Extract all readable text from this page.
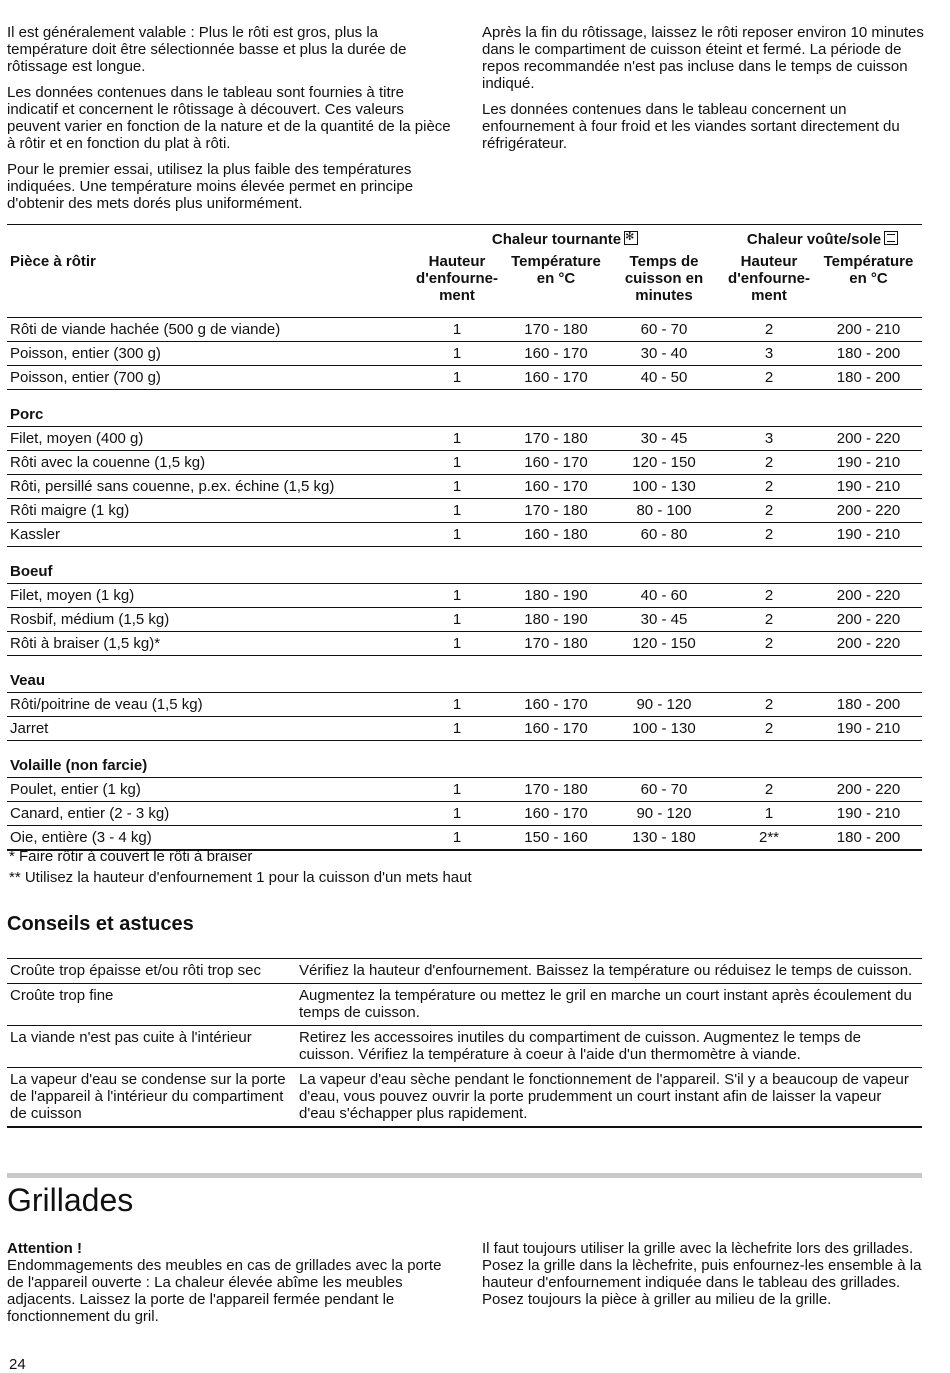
Il est généralement valable : Plus le rôti est gros, plus la température doit être sélectionnée basse et plus la durée de rôtissage est longue.

Les données contenues dans le tableau sont fournies à titre indicatif et concernent le rôtissage à découvert. Ces valeurs peuvent varier en fonction de la nature et de la quantité de la pièce à rôtir et en fonction du plat à rôti.

Pour le premier essai, utilisez la plus faible des températures indiquées. Une température moins élevée permet en principe d'obtenir des mets dorés plus uniformément.

Après la fin du rôtissage, laissez le rôti reposer environ 10 minutes dans le compartiment de cuisson éteint et fermé. La période de repos recommandée n'est pas incluse dans le temps de cuisson indiqué.

Les données contenues dans le tableau concernent un enfournement à four froid et les viandes sortant directement du réfrigérateur.

	Chaleur tournante✻			Chaleur voûte/sole	
Pièce à rôtir	Hauteur d'enfourne-ment	Température en °C	Temps de cuisson en minutes	Hauteur d'enfourne-ment	Température en °C
Rôti de viande hachée (500 g de viande)	1	170 - 180	60 - 70	2	200 - 210
Poisson, entier (300 g)	1	160 - 170	30 - 40	3	180 - 200
Poisson, entier (700 g)	1	160 - 170	40 - 50	2	180 - 200
Porc					
Filet, moyen (400 g)	1	170 - 180	30 - 45	3	200 - 220
Rôti avec la couenne (1,5 kg)	1	160 - 170	120 - 150	2	190 - 210
Rôti, persillé sans couenne, p.ex. échine (1,5 kg)	1	160 - 170	100 - 130	2	190 - 210
Rôti maigre (1 kg)	1	170 - 180	80 - 100	2	200 - 220
Kassler	1	160 - 180	60 - 80	2	190 - 210
Boeuf					
Filet, moyen (1 kg)	1	180 - 190	40 - 60	2	200 - 220
Rosbif, médium (1,5 kg)	1	180 - 190	30 - 45	2	200 - 220
Rôti à braiser (1,5 kg)*	1	170 - 180	120 - 150	2	200 - 220
Veau					
Rôti/poitrine de veau (1,5 kg)	1	160 - 170	90 - 120	2	180 - 200
Jarret	1	160 - 170	100 - 130	2	190 - 210
Volaille (non farcie)					
Poulet, entier (1 kg)	1	170 - 180	60 - 70	2	200 - 220
Canard, entier (2 - 3 kg)	1	160 - 170	90 - 120	1	190 - 210
Oie, entière (3 - 4 kg)	1	150 - 160	130 - 180	2**	180 - 200

* Faire rôtir à couvert le rôti à braiser

** Utilisez la hauteur d'enfournement 1 pour la cuisson d'un mets haut

Conseils et astuces
Croûte trop épaisse et/ou rôti trop sec	Vérifiez la hauteur d'enfournement. Baissez la température ou réduisez le temps de cuisson.
Croûte trop fine	Augmentez la température ou mettez le gril en marche un court instant après écoulement du temps de cuisson.
La viande n'est pas cuite à l'intérieur	Retirez les accessoires inutiles du compartiment de cuisson. Augmentez le temps de cuisson. Vérifiez la température à coeur à l'aide d'un thermomètre à viande.
La vapeur d'eau se condense sur la porte de l'appareil à l'intérieur du compartiment de cuisson	La vapeur d'eau sèche pendant le fonctionnement de l'appareil. S'il y a beaucoup de vapeur d'eau, vous pouvez ouvrir la porte prudemment un court instant afin de laisser la vapeur d'eau s'échapper plus rapidement.
Grillades
Attention !

Endommagements des meubles en cas de grillades avec la porte de l'appareil ouverte : La chaleur élevée abîme les meubles adjacents. Laissez la porte de l'appareil fermée pendant le fonctionnement du gril.

Il faut toujours utiliser la grille avec la lèchefrite lors des grillades. Posez la grille dans la lèchefrite, puis enfournez-les ensemble à la hauteur d'enfournement indiquée dans le tableau des grillades. Posez toujours la pièce à griller au milieu de la grille.

24
